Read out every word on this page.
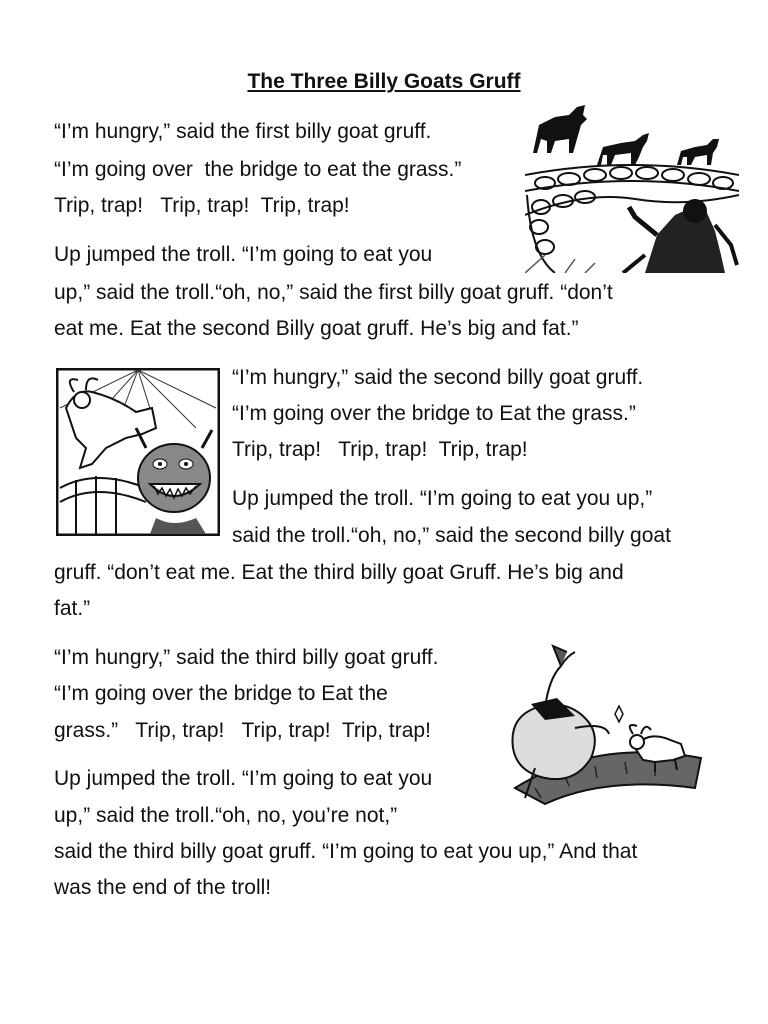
The Three Billy Goats Gruff
“I’m hungry,” said the first billy goat gruff.
“I’m going over  the bridge to eat the grass.”
Trip, trap!   Trip, trap!  Trip, trap!
Up jumped the troll. “I’m going to eat you
up,” said the troll.“oh, no,” said the first billy goat gruff. “don’t
eat me. Eat the second Billy goat gruff. He’s big and fat.”
“I’m hungry,” said the second billy goat gruff.
“I’m going over the bridge to Eat the grass.”
Trip, trap!   Trip, trap!  Trip, trap!
Up jumped the troll. “I’m going to eat you up,”
said the troll.“oh, no,” said the second billy goat
gruff. “don’t eat me. Eat the third billy goat Gruff. He’s big and
fat.”
“I’m hungry,” said the third billy goat gruff.
“I’m going over the bridge to Eat the
grass.”   Trip, trap!   Trip, trap!  Trip, trap!
Up jumped the troll. “I’m going to eat you
up,” said the troll.“oh, no, you’re not,”
said the third billy goat gruff. “I’m going to eat you up,” And that
was the end of the troll!
